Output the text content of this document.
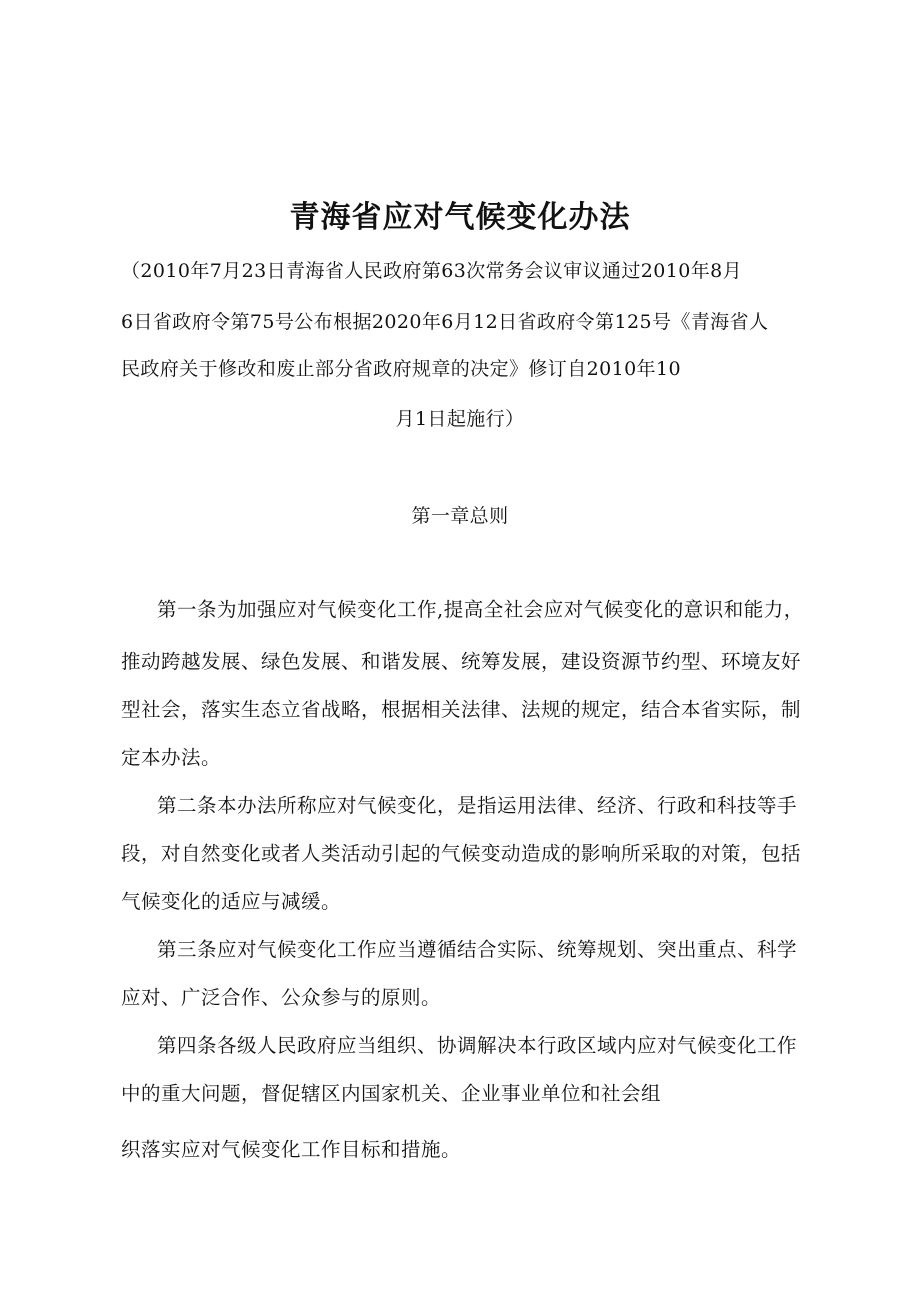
青海省应对气候变化办法

（2010年7月23日青海省人民政府第63次常务会议审议通过2010年8月

6日省政府令第75号公布根据2020年6月12日省政府令第125号《青海省人

民政府关于修改和废止部分省政府规章的决定》修订自2010年10

月1日起施行）

第一章总则

第一条为加强应对气候变化工作,提高全社会应对气候变化的意识和能力，

推动跨越发展、绿色发展、和谐发展、统筹发展，建设资源节约型、环境友好

型社会，落实生态立省战略，根据相关法律、法规的规定，结合本省实际，制

定本办法。

第二条本办法所称应对气候变化，是指运用法律、经济、行政和科技等手

段，对自然变化或者人类活动引起的气候变动造成的影响所采取的对策，包括

气候变化的适应与减缓。

第三条应对气候变化工作应当遵循结合实际、统筹规划、突出重点、科学

应对、广泛合作、公众参与的原则。

第四条各级人民政府应当组织、协调解决本行政区域内应对气候变化工作

中的重大问题，督促辖区内国家机关、企业事业单位和社会组

织落实应对气候变化工作目标和措施。
